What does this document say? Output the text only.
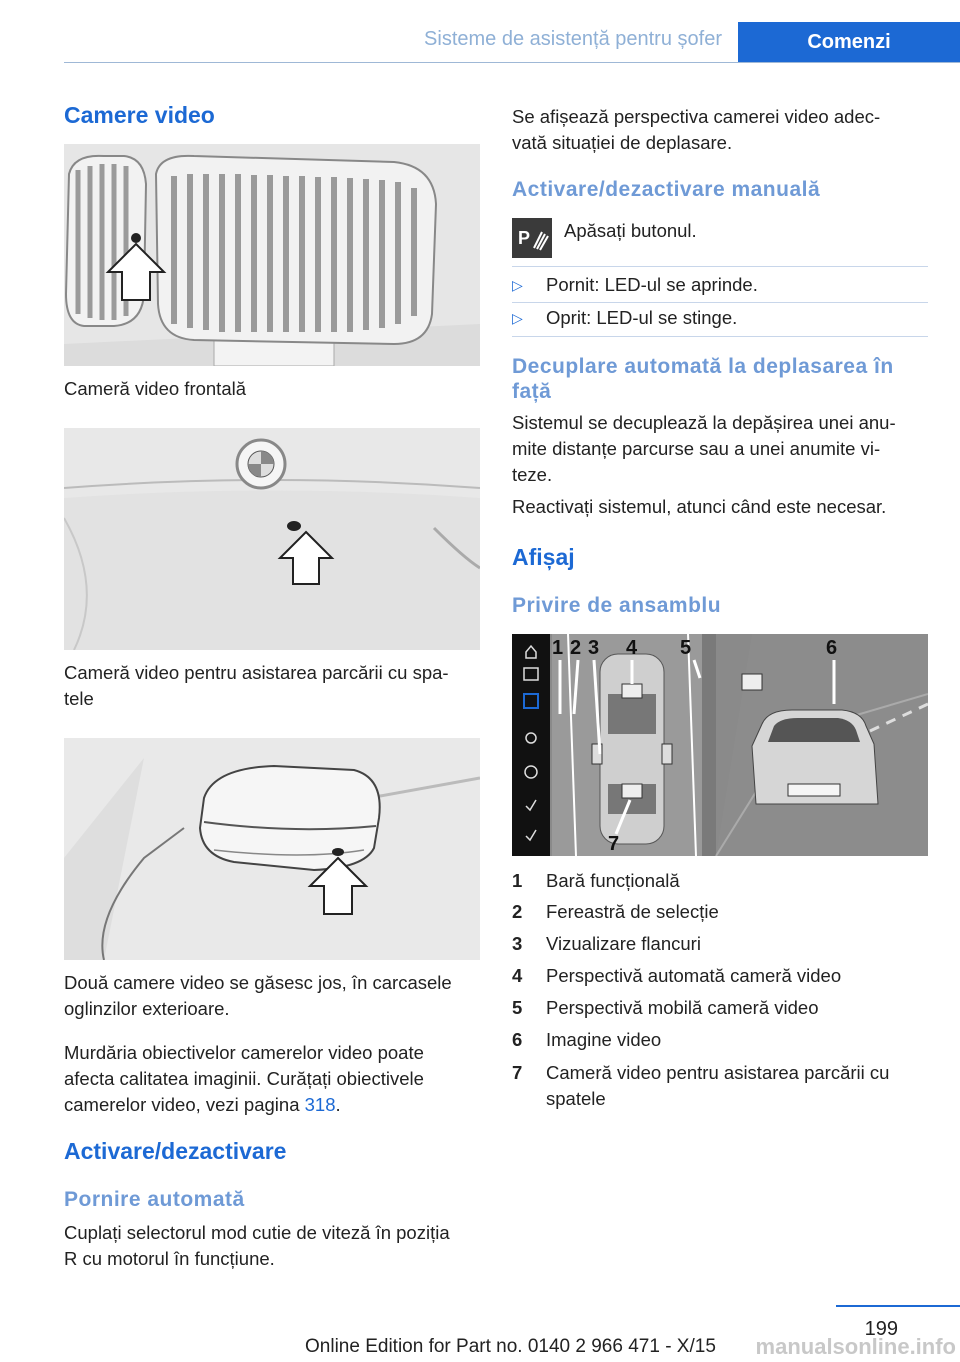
Sisteme de asistență pentru șofer	Comenzi
Camere video
Cameră video frontală
Cameră video pentru asistarea parcării cu spa-
tele
Două camere video se găsesc jos, în carcasele
oglinzilor exterioare.
Murdăria obiectivelor camerelor video poate
afecta calitatea imaginii. Curățați obiectivele
camerelor video, vezi pagina 318.
Activare/dezactivare
Pornire automată
Cuplați selectorul mod cutie de viteză în poziția
R cu motorul în funcțiune.
Se afișează perspectiva camerei video adec-
vată situației de deplasare.
Activare/dezactivare manuală
P Apăsați butonul.
▷ Pornit: LED-ul se aprinde.
▷ Oprit: LED-ul se stinge.
Decuplare automată la deplasarea în
față
Sistemul se decuplează la depășirea unei anu-
mite distanțe parcurse sau a unei anumite vi-
teze.
Reactivați sistemul, atunci când este necesar.
Afișaj
Privire de ansamblu
1 2 3 4 5	6
7
1 Bară funcțională
2 Fereastră de selecție
3 Vizualizare flancuri
4 Perspectivă automată cameră video
5 Perspectivă mobilă cameră video
6 Imagine video
7 Cameră video pentru asistarea parcării cu spatele
199
Online Edition for Part no. 0140 2 966 471 - X/15 manualsonline.info
